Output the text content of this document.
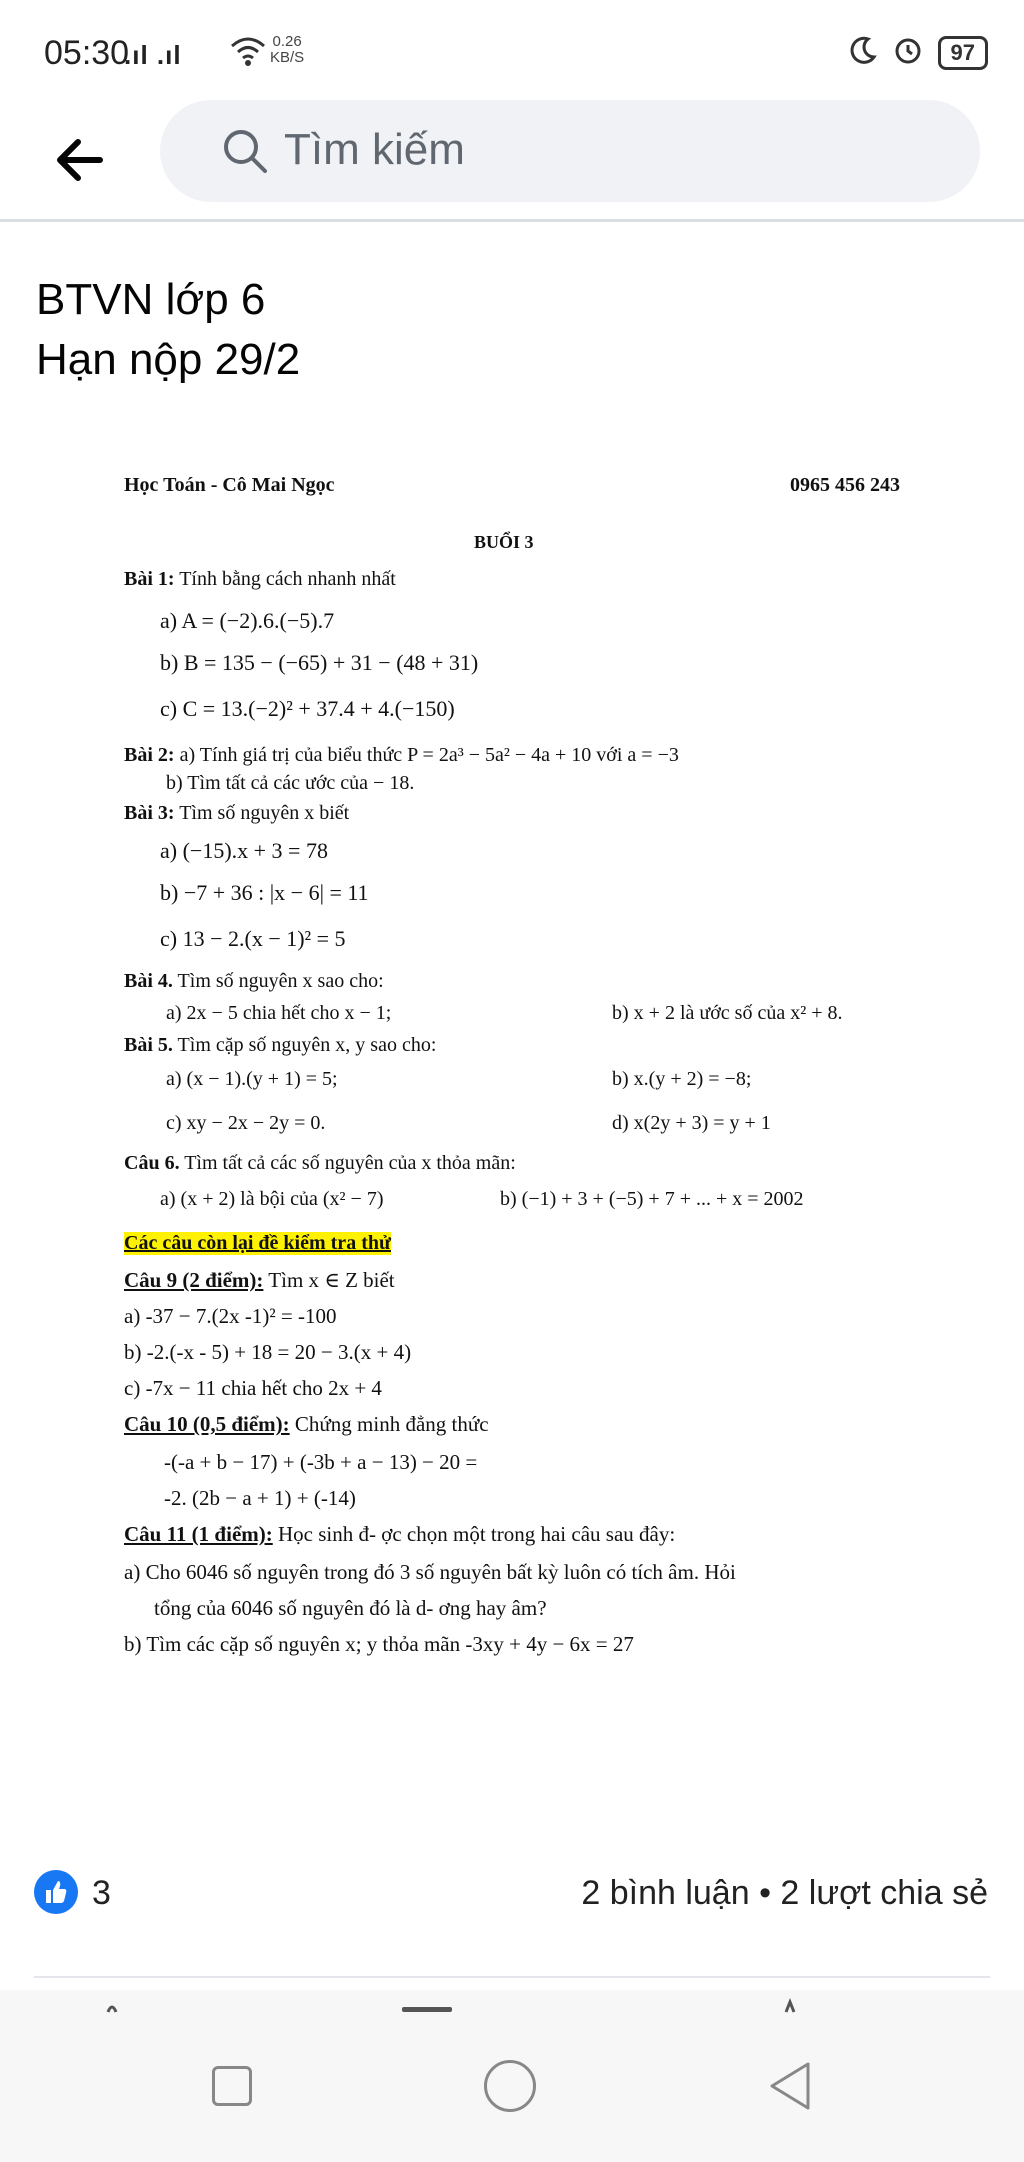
05:30
.ıl .ıl	0.26
KB/S	97
Tìm kiếm
BTVN lớp 6
Hạn nộp 29/2
Học Toán - Cô Mai Ngọc	0965 456 243
BUỔI 3
Bài 1: Tính bằng cách nhanh nhất
a) A = (−2).6.(−5).7
b) B = 135 − (−65) + 31 − (48 + 31)
c) C = 13.(−2)² + 37.4 + 4.(−150)
Bài 2: a) Tính giá trị của biểu thức P = 2a³ − 5a² − 4a + 10 với a = −3
b) Tìm tất cả các ước của − 18.
Bài 3: Tìm số nguyên x biết
a) (−15).x + 3 = 78
b) −7 + 36 : |x − 6| = 11
c) 13 − 2.(x − 1)² = 5
Bài 4. Tìm số nguyên x sao cho:
a) 2x − 5 chia hết cho x − 1;	b) x + 2 là ước số của x² + 8.
Bài 5. Tìm cặp số nguyên x, y sao cho:
a) (x − 1).(y + 1) = 5;	b) x.(y + 2) = −8;
c) xy − 2x − 2y = 0.	d) x(2y + 3) = y + 1
Câu 6. Tìm tất cả các số nguyên của x thỏa mãn:
a) (x + 2) là bội của (x² − 7)	b) (−1) + 3 + (−5) + 7 + ... + x = 2002
Các câu còn lại đề kiểm tra thử
Câu 9 (2 điểm): Tìm x ∈ Z biết
a) -37 − 7.(2x -1)² = -100
b) -2.(-x - 5) + 18 = 20 − 3.(x + 4)
c) -7x − 11 chia hết cho 2x + 4
Câu 10 (0,5 điểm): Chứng minh đẳng thức
-(-a + b − 17) + (-3b + a − 13) − 20 =
-2. (2b − a + 1) + (-14)
Câu 11 (1 điểm): Học sinh đ- ợc chọn một trong hai câu sau đây:
a) Cho 6046 số nguyên trong đó 3 số nguyên bất kỳ luôn có tích âm. Hỏi
tổng của 6046 số nguyên đó là d- ơng hay âm?
b) Tìm các cặp số nguyên x; y thỏa mãn -3xy + 4y − 6x = 27
3	2 bình luận • 2 lượt chia sẻ
